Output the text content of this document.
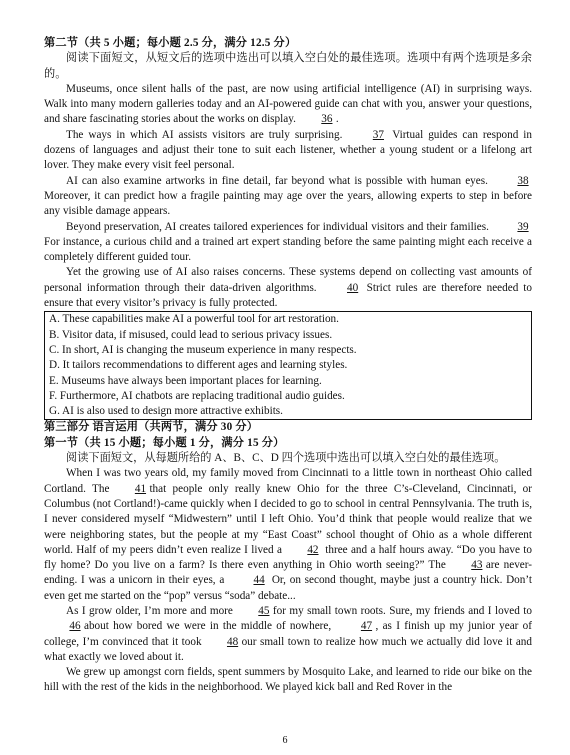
第二节（共 5 小题；每小题 2.5 分，满分 12.5 分）

阅读下面短文，从短文后的选项中选出可以填入空白处的最佳选项。选项中有两个选项是多余的。

Museums, once silent halls of the past, are now using artificial intelligence (AI) in surprising ways. Walk into many modern galleries today and an AI-powered guide can chat with you, answer your questions, and share fascinating stories about the works on display. 36 .

The ways in which AI assists visitors are truly surprising.	37 Virtual guides can respond in dozens of languages and adjust their tone to suit each listener, whether a young student or a lifelong art lover. They make every visit feel personal.

AI can also examine artworks in fine detail, far beyond what is possible with human eyes.	38 Moreover, it can predict how a fragile painting may age over the years, allowing experts to step in before any visible damage appears.

Beyond preservation, AI creates tailored experiences for individual visitors and their families.	39 For instance, a curious child and a trained art expert standing before the same painting might each receive a completely different guided tour.

Yet the growing use of AI also raises concerns. These systems depend on collecting vast amounts of personal information through their data-driven algorithms.	40 Strict rules are therefore needed to ensure that every visitor’s privacy is fully protected.

A. These capabilities make AI a powerful tool for art restoration.
B. Visitor data, if misused, could lead to serious privacy issues.
C. In short, AI is changing the museum experience in many respects.
D. It tailors recommendations to different ages and learning styles.
E. Museums have always been important places for learning.
F. Furthermore, AI chatbots are replacing traditional audio guides.
G. AI is also used to design more attractive exhibits.

第三部分 语言运用（共两节，满分 30 分）

第一节（共 15 小题；每小题 1 分，满分 15 分）

阅读下面短文，从每题所给的 A、B、C、D 四个选项中选出可以填入空白处的最佳选项。

When I was two years old, my family moved from Cincinnati to a little town in northeast Ohio called Cortland. The 41 that people only really knew Ohio for the three C’s-Cleveland, Cincinnati, or Columbus (not Cortland!)-came quickly when I decided to go to school in central Pennsylvania. The truth is, I never considered myself “Midwestern” until I left Ohio. You’d think that people would realize that we were neighboring states, but the people at my “East Coast” school thought of Ohio as a whole different world. Half of my peers didn’t even realize I lived a 42 three and a half hours away. “Do you have to fly home? Do you live on a farm? Is there even anything in Ohio worth seeing?” The 43 are never-ending. I was a unicorn in their eyes, a	44 Or, on second thought, maybe just a country hick. Don’t even get me started on the “pop” versus “soda” debate...

As I grow older, I’m more and more 45 for my small town roots. Sure, my friends and I loved to46 about how bored we were in the middle of nowhere,	47 , as I finish up my junior year of college, I’m convinced that it took 48 our small town to realize how much we actually did love it and what exactly we loved about it.

We grew up amongst corn fields, spent summers by Mosquito Lake, and learned to ride our bike on the hill with the rest of the kids in the neighborhood. We played kick ball and Red Rover in the

6
